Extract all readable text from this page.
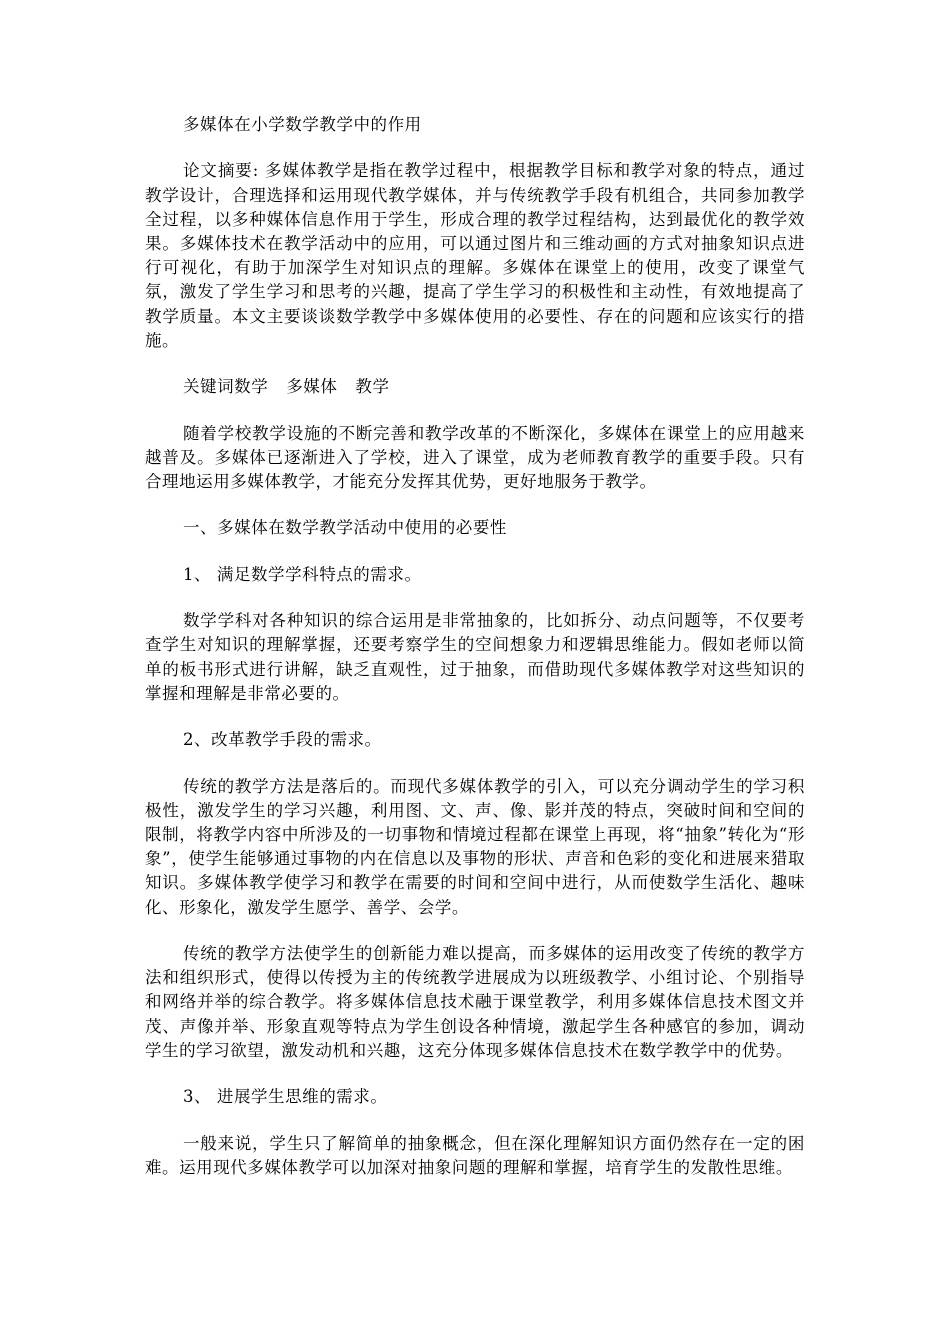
多媒体在小学数学教学中的作用

论文摘要: 多媒体教学是指在教学过程中，根据教学目标和教学对象的特点，通过教学设计，合理选择和运用现代教学媒体，并与传统教学手段有机组合，共同参加教学全过程，以多种媒体信息作用于学生，形成合理的教学过程结构，达到最优化的教学效果。多媒体技术在教学活动中的应用，可以通过图片和三维动画的方式对抽象知识点进行可视化，有助于加深学生对知识点的理解。多媒体在课堂上的使用，改变了课堂气氛，激发了学生学习和思考的兴趣，提高了学生学习的积极性和主动性，有效地提高了教学质量。本文主要谈谈数学教学中多媒体使用的必要性、存在的问题和应该实行的措施。

关键词数学 多媒体 教学

随着学校教学设施的不断完善和教学改革的不断深化，多媒体在课堂上的应用越来越普及。多媒体已逐渐进入了学校，进入了课堂，成为老师教育教学的重要手段。只有合理地运用多媒体教学，才能充分发挥其优势，更好地服务于教学。

一、多媒体在数学教学活动中使用的必要性

1、 满足数学学科特点的需求。

数学学科对各种知识的综合运用是非常抽象的，比如拆分、动点问题等，不仅要考查学生对知识的理解掌握，还要考察学生的空间想象力和逻辑思维能力。假如老师以简单的板书形式进行讲解，缺乏直观性，过于抽象，而借助现代多媒体教学对这些知识的掌握和理解是非常必要的。

2、改革教学手段的需求。

传统的教学方法是落后的。而现代多媒体教学的引入，可以充分调动学生的学习积极性，激发学生的学习兴趣，利用图、文、声、像、影并茂的特点，突破时间和空间的限制，将教学内容中所涉及的一切事物和情境过程都在课堂上再现，将“抽象”转化为“形象”，使学生能够通过事物的内在信息以及事物的形状、声音和色彩的变化和进展来猎取知识。多媒体教学使学习和教学在需要的时间和空间中进行，从而使数学生活化、趣味化、形象化，激发学生愿学、善学、会学。

传统的教学方法使学生的创新能力难以提高，而多媒体的运用改变了传统的教学方法和组织形式，使得以传授为主的传统教学进展成为以班级教学、小组讨论、个别指导和网络并举的综合教学。将多媒体信息技术融于课堂教学，利用多媒体信息技术图文并茂、声像并举、形象直观等特点为学生创设各种情境，激起学生各种感官的参加，调动学生的学习欲望，激发动机和兴趣，这充分体现多媒体信息技术在数学教学中的优势。

3、 进展学生思维的需求。

一般来说，学生只了解简单的抽象概念，但在深化理解知识方面仍然存在一定的困难。运用现代多媒体教学可以加深对抽象问题的理解和掌握，培育学生的发散性思维。
